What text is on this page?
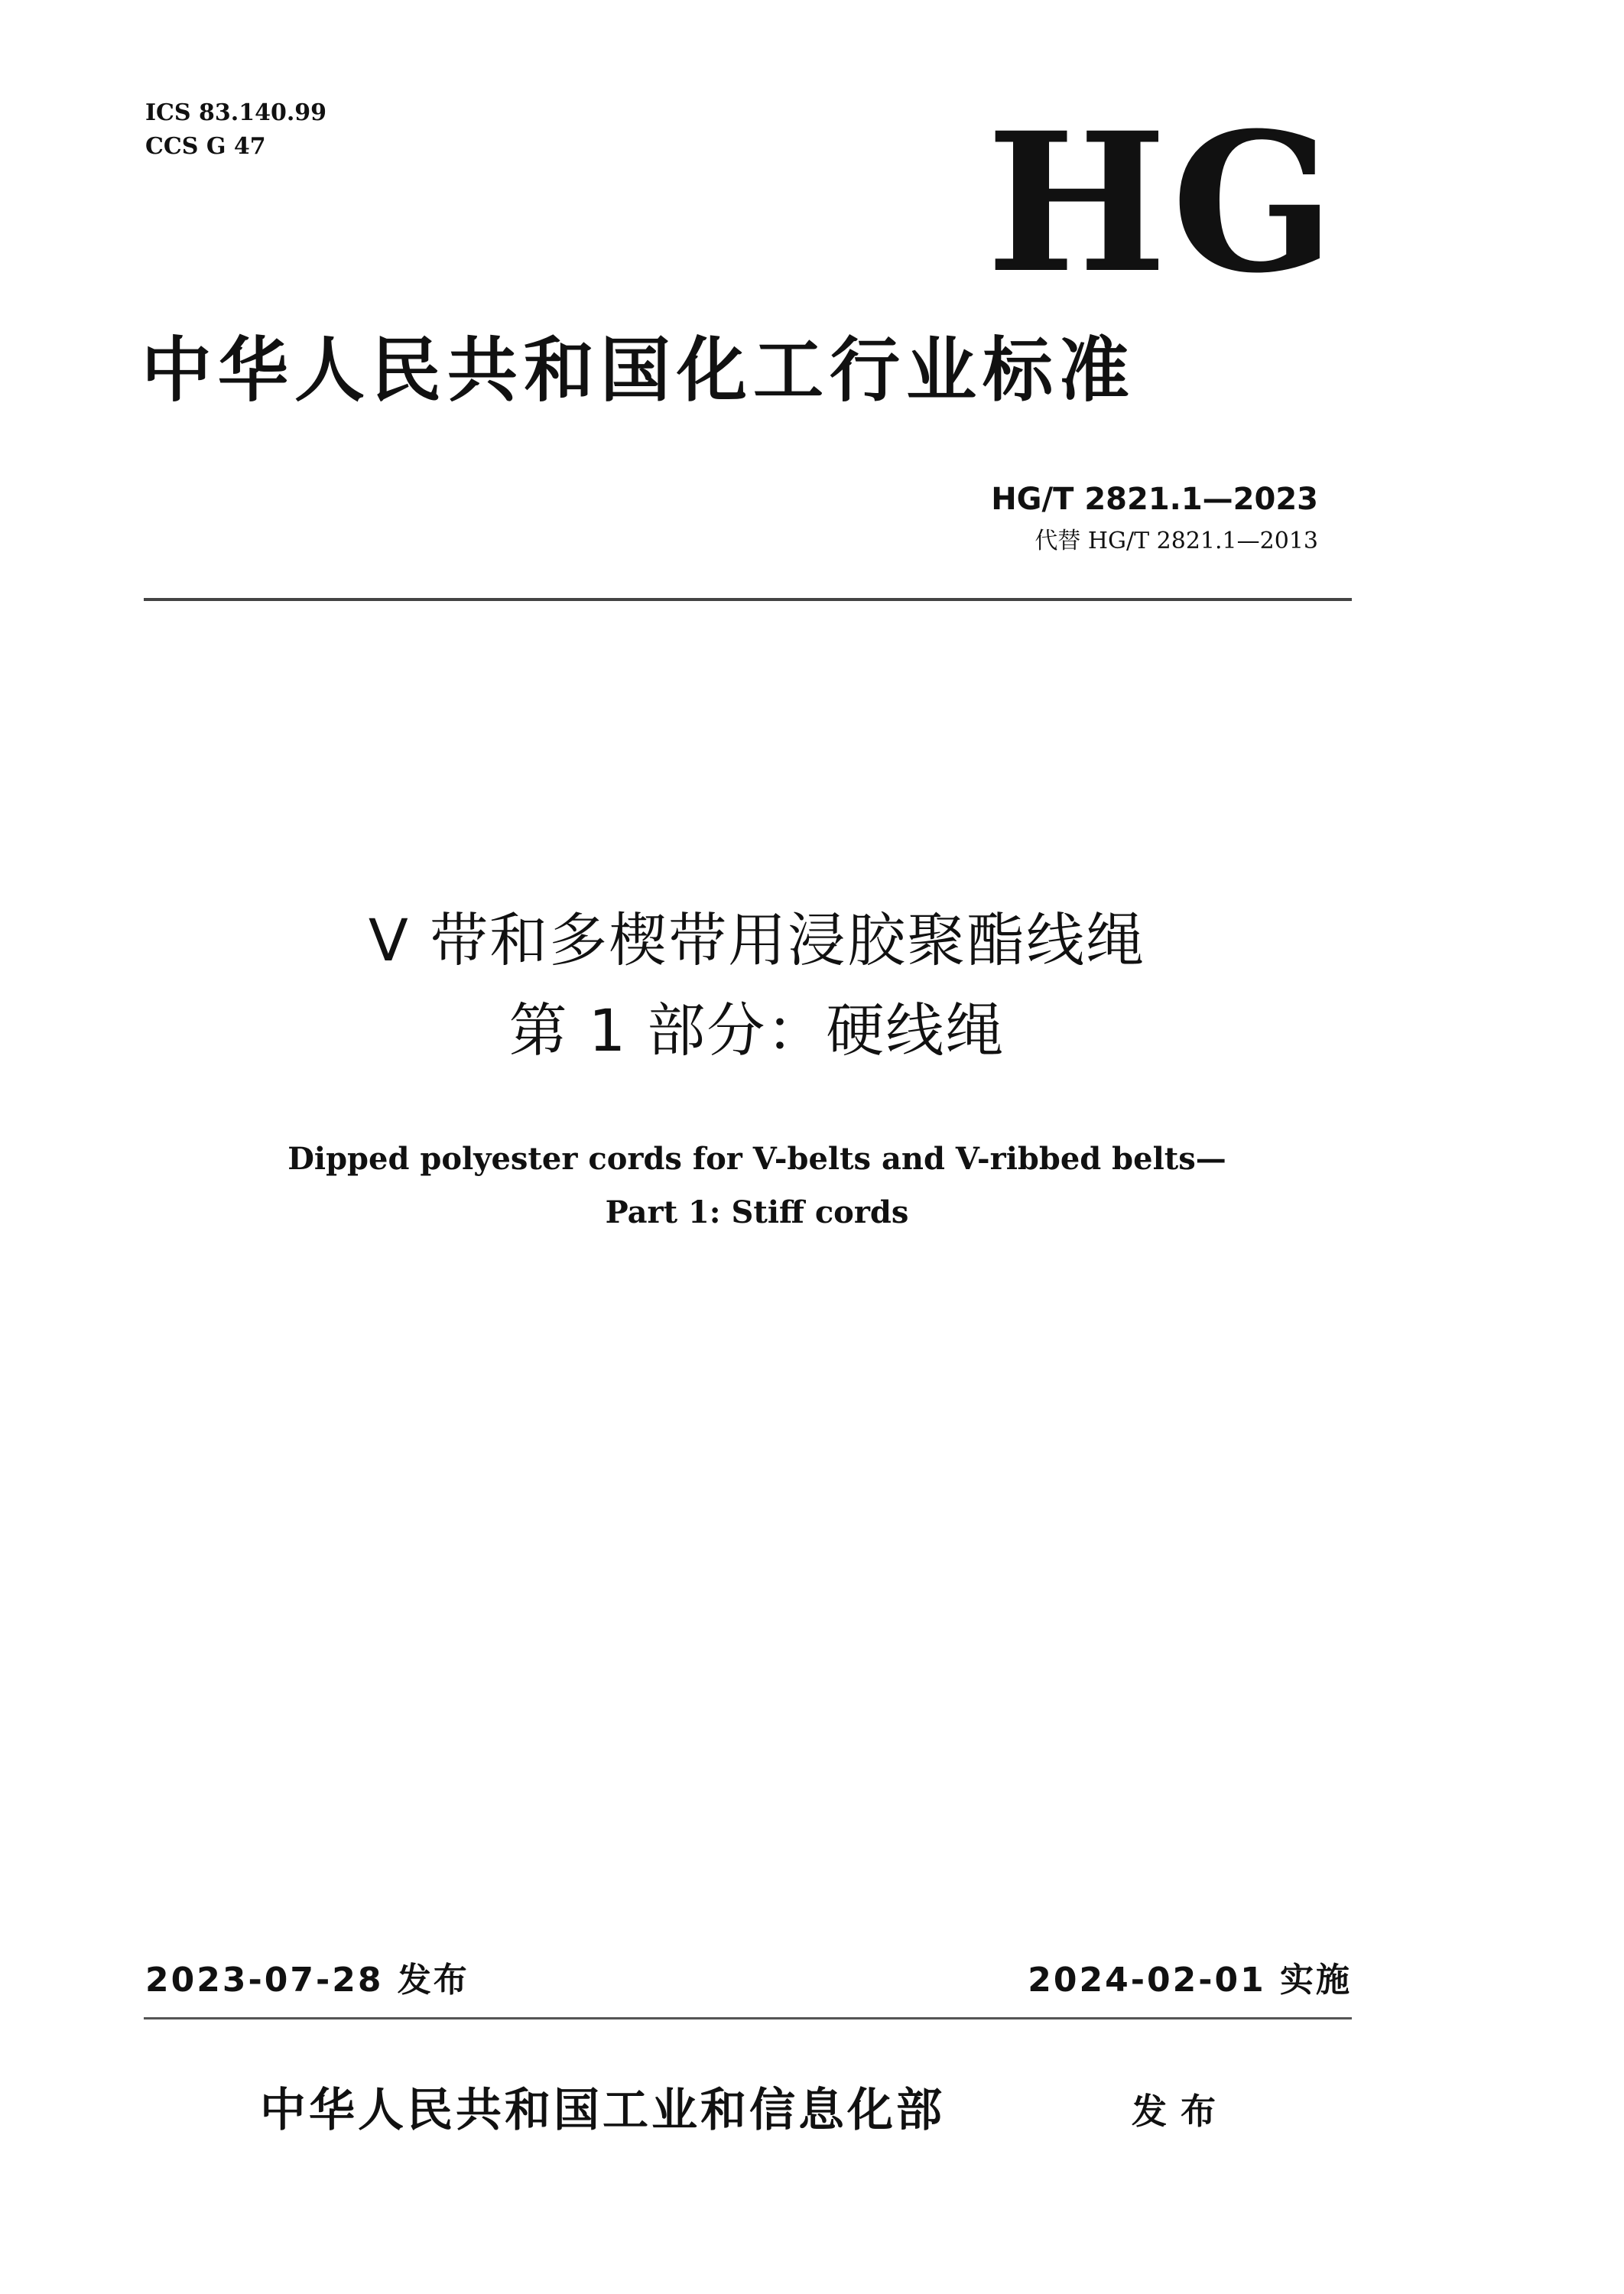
ICS 83.140.99
CCS G 47	HG
中华人民共和国化工行业标准
HG/T 2821.1—2023
代替 HG/T 2821.1—2013
V 带和多楔带用浸胶聚酯线绳
第 1 部分：硬线绳
Dipped polyester cords for V-belts and V-ribbed belts—
Part 1: Stiff cords
2023-07-28 发布	2024-02-01 实施
中华人民共和国工业和信息化部	发布
